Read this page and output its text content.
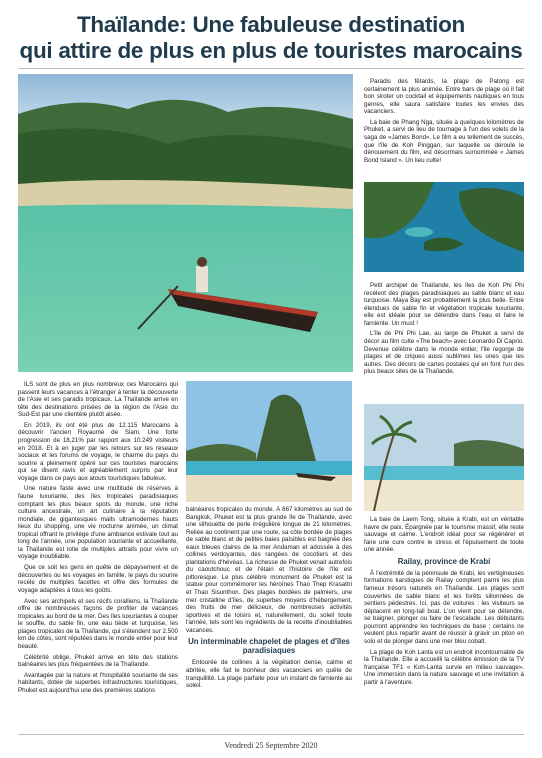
Thaïlande: Une fabuleuse destination
qui attire de plus en plus de touristes marocains

ILS sont de plus en plus nombreux ces Marocains qui passent leurs vacances à l'étranger à tenter la découverte de l'Asie et ses paradis tropicaux. La Thaïlande arrive en tête des destinations prisées de la région de l'Asie du Sud-Est par une clientèle plutôt aisée.

En 2019, ils ont été plus de 12.115 Marocains à découvrir l'ancien Royaume de Siam. Une forte progression de 18,21% par rapport aux 10.249 visiteurs en 2018. Et à en juger par les retours sur les réseaux sociaux et les forums de voyage, le charme du pays du sourire a pleinement opéré sur ces touristes marocains qui se disent ravis et agréablement surpris par leur voyage dans ce pays aux atouts touristiques fabuleux.

Une nature faste avec une multitude de réserves à faune luxuriante, des îles tropicales paradisiaques comptant les plus beaux spots du monde, une riche culture ancestrale, un art culinaire à la réputation mondiale, de gigantesques malls ultramodernes hauts lieux du shopping, une vie nocturne animée, un climat tropical offrant le privilège d'une ambiance estivale tout au long de l'année, une population souriante et accueillante, la Thaïlande est lotie de multiples attraits pour vivre un voyage inoubliable.

Que ce soit les gens en quête de dépaysement et de découvertes ou les voyages en famille, le pays du sourire recèle de multiples facettes et offre des formules de voyage adaptées à tous les goûts.

Avec ses archipels et ses récifs coralliens, la Thaïlande offre de nombreuses façons de profiter de vacances tropicales au bord de la mer. Des îles luxuriantes à couper le souffle, du sable fin, une eau tiède et turquoise, les plages tropicales de la Thaïlande, qui s'étendent sur 2.500 km de côtes, sont réputées dans le monde entier pour leur beauté.

Célébrité oblige, Phuket arrive en tête des stations balnéaires les plus fréquentées de la Thaïlande.

Avantagée par la nature et l'hospitalité souriante de ses habitants, dotée de superbes infrastructures touristiques, Phuket est aujourd'hui une des premières stations

balnéaires tropicales du monde. À 867 kilomètres au sud de Bangkok, Phuket est la plus grande île de Thaïlande, avec une silhouette de perle irrégulière longue de 21 kilomètres. Reliée au continent par une route, sa côte bordée de plages de sable blanc et de petites baies paisibles est baignée des eaux bleues claires de la mer Andaman et adossée à des collines verdoyantes, des rangées de cocotiers et des plantations d'hévéas. La richesse de Phuket venait autrefois du caoutchouc et de l'étain et l'histoire de l'île est pittoresque. Le plus célèbre monument de Phuket est la statue pour commémorer les héroïnes Thao Thep Krasattri et Thao Sisunthon. Des plages bordées de palmiers, une mer cristalline d'îles, de superbes moyens d'hébergement, des fruits de mer délicieux, de nombreuses activités sportives et de loisirs et, naturellement, du soleil toute l'année, tels sont les ingrédients de la recette d'inoubliables vacances.

Un interminable chapelet de plages et d'îles paradisiaques

Entourée de collines à la végétation dense, calme et abritée, elle fait le bonheur des vacanciers en quête de tranquillité. La plage parfaite pour un instant de farniente au soleil.

Paradis des fêtards, la plage de Patong est certainement la plus animée. Entre bars de plage où il fait bon siroter un cocktail et équipements nautiques en tous genres, elle saura satisfaire toutes les envies des vacanciers.

La baie de Phang Nga, située à quelques kilomètres de Phuket, a servi de lieu de tournage à l'un des volets de la saga de «James Bond». Le film a eu tellement de succès, que l'île de Koh Pinggan, sur laquelle se déroule le dénouement du film, est désormais surnommée « James Bond Island ». Un lieu culte!

Petit archipel de Thaïlande, les îles de Koh Phi Phi recèlent des plages paradisiaques au sable blanc et eau turquoise. Maya Bay est probablement la plus belle. Entre étendues de sable fin et végétation tropicale luxuriante, elle est idéale pour se détendre dans l'eau et faire le farniente. Un must !

L'île de Phi Phi Lae, au large de Phuket a servi de décor au film culte «The beach» avec Leonardo Di Caprio. Devenue célèbre dans le monde entier, l'île regorge de plages et de criques aussi sublimes les unes que les autres. Des décors de cartes postales qui en font l'un des plus beaux sites de la Thaïlande.

La baie de Laem Tong, située à Krabi, est un véritable havre de paix. Épargnée par le tourisme massif, elle reste sauvage et calme. L'endroit idéal pour se régénérer et faire une cure contre le stress et l'épuisement de toute une année.

Railay, province de Krabi

À l'extrémité de la péninsule de Krabi, les vertigineuses formations karstiques de Railay comptent parmi les plus fameux trésors naturels en Thaïlande. Les plages sont couvertes de sable blanc et les forêts sillonnées de sentiers pédestres. Ici, pas de voitures : les visiteurs se déplacent en long-tail boat. L'on vient pour se détendre, se baigner, plonger ou faire de l'escalade. Les débutants pourront apprendre les techniques de base ; certains ne veulent plus repartir avant de réussir à gravir un piton en solo et de plonger dans une mer bleu cobalt.

La plage de Koh Lanta est un endroit incontournable de la Thaïlande. Elle a accueilli la célèbre émission de la TV française TF1 « Koh-Lanta survie en milieu sauvage». Une immersion dans la nature sauvage et une invitation à partir à l'aventure.

Vendredi 25 Septembre 2020
